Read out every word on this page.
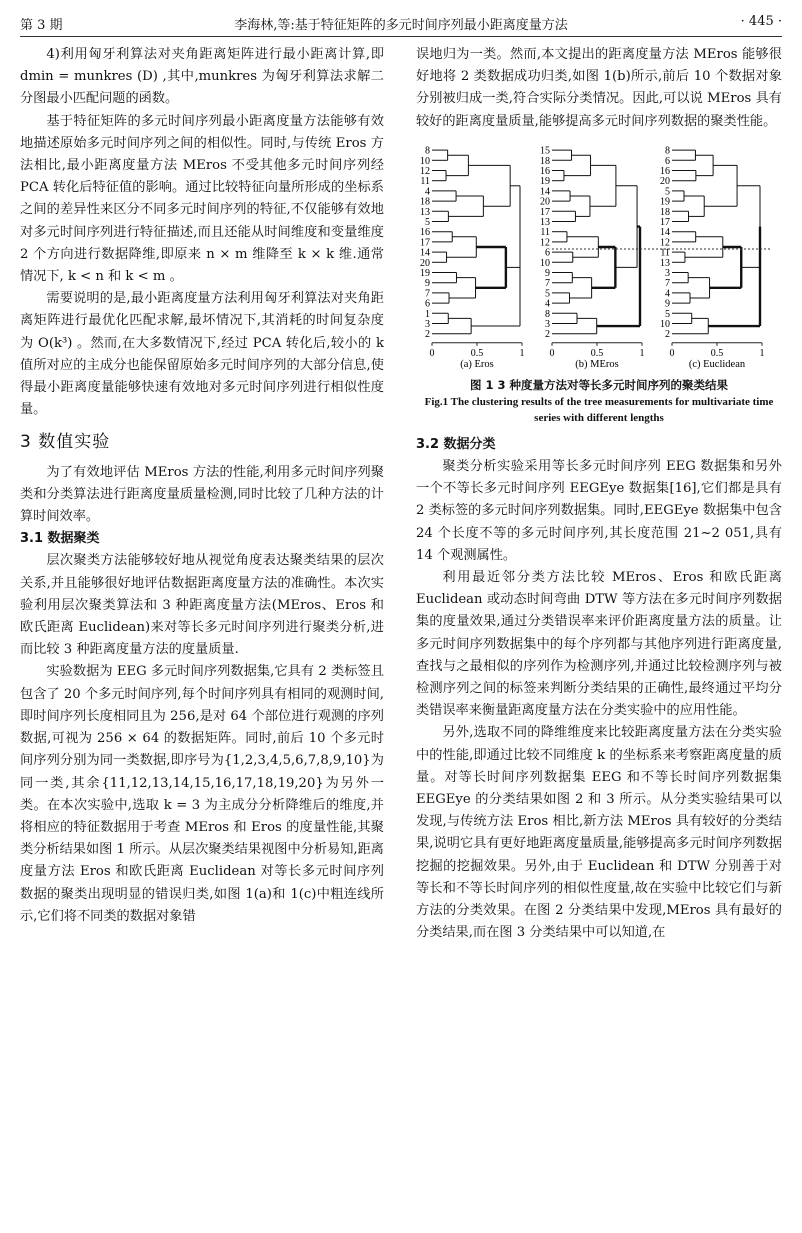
第 3 期	李海林,等:基于特征矩阵的多元时间序列最小距离度量方法	· 445 ·

4)利用匈牙利算法对夹角距离矩阵进行最小距离计算,即 dmin = munkres (D) ,其中,munkres 为匈牙利算法求解二分图最小匹配问题的函数。

基于特征矩阵的多元时间序列最小距离度量方法能够有效地描述原始多元时间序列之间的相似性。同时,与传统 Eros 方法相比,最小距离度量方法 MEros 不受其他多元时间序列经 PCA 转化后特征值的影响。通过比较特征向量所形成的坐标系之间的差异性来区分不同多元时间序列的特征,不仅能够有效地对多元时间序列进行特征描述,而且还能从时间维度和变量维度 2 个方向进行数据降维,即原来 n × m 维降至 k × k 维.通常情况下, k < n 和 k < m 。

需要说明的是,最小距离度量方法利用匈牙利算法对夹角距离矩阵进行最优化匹配求解,最坏情况下,其消耗的时间复杂度为 O(k³) 。然而,在大多数情况下,经过 PCA 转化后,较小的 k 值所对应的主成分也能保留原始多元时间序列的大部分信息,使得最小距离度量能够快速有效地对多元时间序列进行相似性度量。

3 数值实验

为了有效地评估 MEros 方法的性能,利用多元时间序列聚类和分类算法进行距离度量质量检测,同时比较了几种方法的计算时间效率。

3.1 数据聚类

层次聚类方法能够较好地从视觉角度表达聚类结果的层次关系,并且能够很好地评估数据距离度量方法的准确性。本次实验利用层次聚类算法和 3 种距离度量方法(MEros、Eros 和欧氏距离 Euclidean)来对等长多元时间序列进行聚类分析,进而比较 3 种距离度量方法的度量质量.

实验数据为 EEG 多元时间序列数据集,它具有 2 类标签且包含了 20 个多元时间序列,每个时间序列具有相同的观测时间,即时间序列长度相同且为 256,是对 64 个部位进行观测的序列数据,可视为 256 × 64 的数据矩阵。同时,前后 10 个多元时间序列分别为同一类数据,即序号为{1,2,3,4,5,6,7,8,9,10}为同一类,其余{11,12,13,14,15,16,17,18,19,20}为另外一类。在本次实验中,选取 k = 3 为主成分分析降维后的维度,并将相应的特征数据用于考查 MEros 和 Eros 的度量性能,其聚类分析结果如图 1 所示。从层次聚类结果视图中分析易知,距离度量方法 Eros 和欧氏距离 Euclidean 对等长多元时间序列数据的聚类出现明显的错误归类,如图 1(a)和 1(c)中粗连线所示,它们将不同类的数据对象错

误地归为一类。然而,本文提出的距离度量方法 MEros 能够很好地将 2 类数据成功归类,如图 1(b)所示,前后 10 个数据对象分别被归成一类,符合实际分类情况。因此,可以说 MEros 具有较好的距离度量质量,能够提高多元时间序列数据的聚类性能。

0	0.5	1
(a) Eros
8
10
12
11
4
18
13
5
16
17
14
20
19
9
7
6
1
3
2
0	0.5	1
(b) MEros
15
18
16
19
14
20
17
13
11
12
6
10
9
7
5
4
8
3
2
0	0.5	1
(c) Euclidean
8
6
16
20
5
19
18
17
14
12
11
13
3
7
4
9
5
10
2
图 1 3 种度量方法对等长多元时间序列的聚类结果
Fig.1 The clustering results of the tree measurements for multivariate time series with different lengths
3.2 数据分类

聚类分析实验采用等长多元时间序列 EEG 数据集和另外一个不等长多元时间序列 EEGEye 数据集[16],它们都是具有 2 类标签的多元时间序列数据集。同时,EEGEye 数据集中包含 24 个长度不等的多元时间序列,其长度范围 21~2 051,具有 14 个观测属性。

利用最近邻分类方法比较 MEros、Eros 和欧氏距离 Euclidean 或动态时间弯曲 DTW 等方法在多元时间序列数据集的度量效果,通过分类错误率来评价距离度量方法的质量。让多元时间序列数据集中的每个序列都与其他序列进行距离度量,查找与之最相似的序列作为检测序列,并通过比较检测序列与被检测序列之间的标签来判断分类结果的正确性,最终通过平均分类错误率来衡量距离度量方法在分类实验中的应用性能。

另外,选取不同的降维维度来比较距离度量方法在分类实验中的性能,即通过比较不同维度 k 的坐标系来考察距离度量的质量。对等长时间序列数据集 EEG 和不等长时间序列数据集 EEGEye 的分类结果如图 2 和 3 所示。从分类实验结果可以发现,与传统方法 Eros 相比,新方法 MEros 具有较好的分类结果,说明它具有更好地距离度量质量,能够提高多元时间序列数据挖掘的挖掘效果。另外,由于 Euclidean 和 DTW 分别善于对等长和不等长时间序列的相似性度量,故在实验中比较它们与新方法的分类效果。在图 2 分类结果中发现,MEros 具有最好的分类结果,而在图 3 分类结果中可以知道,在
